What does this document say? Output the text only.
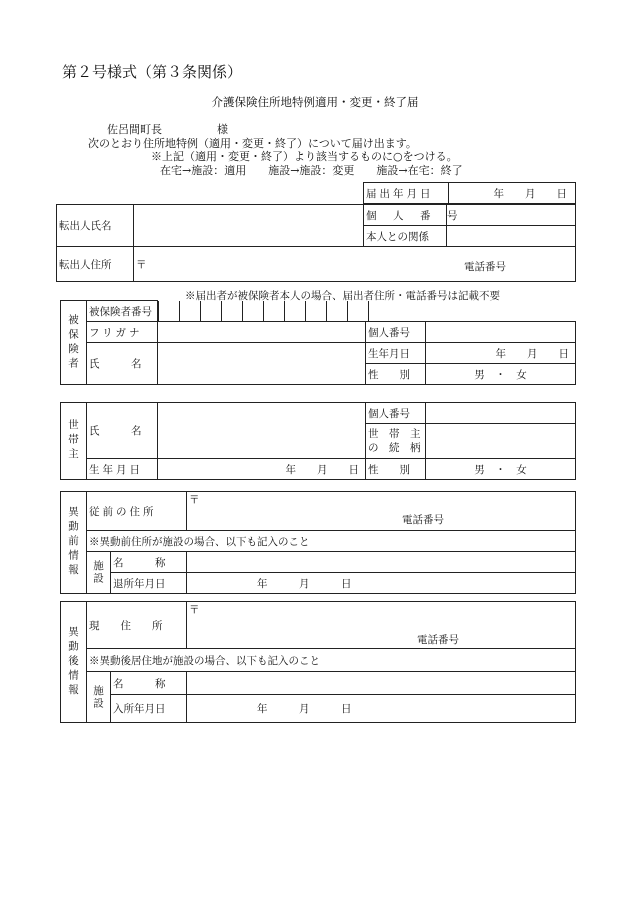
第２号様式（第３条関係）
介護保険住所地特例適用・変更・終了届
佐呂間町長　　　　　様
次のとおり住所地特例（適用・変更・終了）について届け出ます。
※上記（適用・変更・終了）より該当するものに○をつける。
在宅→施設：適用　　施設→施設：変更　　施設→在宅：終了
届出年月日	年　　月　　日
転出人氏名		個　人　番　号	
		本人との関係	
転出人住所	〒 電話番号		
※届出者が被保険者本人の場合、届出者住所・電話番号は記載不要
被保険者	被保険者番号	

フリガナ		個人番号	
氏　　　名		生年月日	年　　月　　日
性　　別	男　・　女
世帯主	氏　　　名		個人番号	
			世　帯　主
の　続　柄	
	生年月日	年　　月　　日	性　　別	男　・　女
異動前情報	従前の住所		〒
電話番号

	※異動前住所が施設の場合、以下も記入のこと		
	施設	名　　　称	
		退所年月日	年　　　月　　　日
異動後情報	現　　住　　所		〒
電話番号

	※異動後居住地が施設の場合、以下も記入のこと		
	施設	名　　　称	
		入所年月日	年　　　月　　　日
